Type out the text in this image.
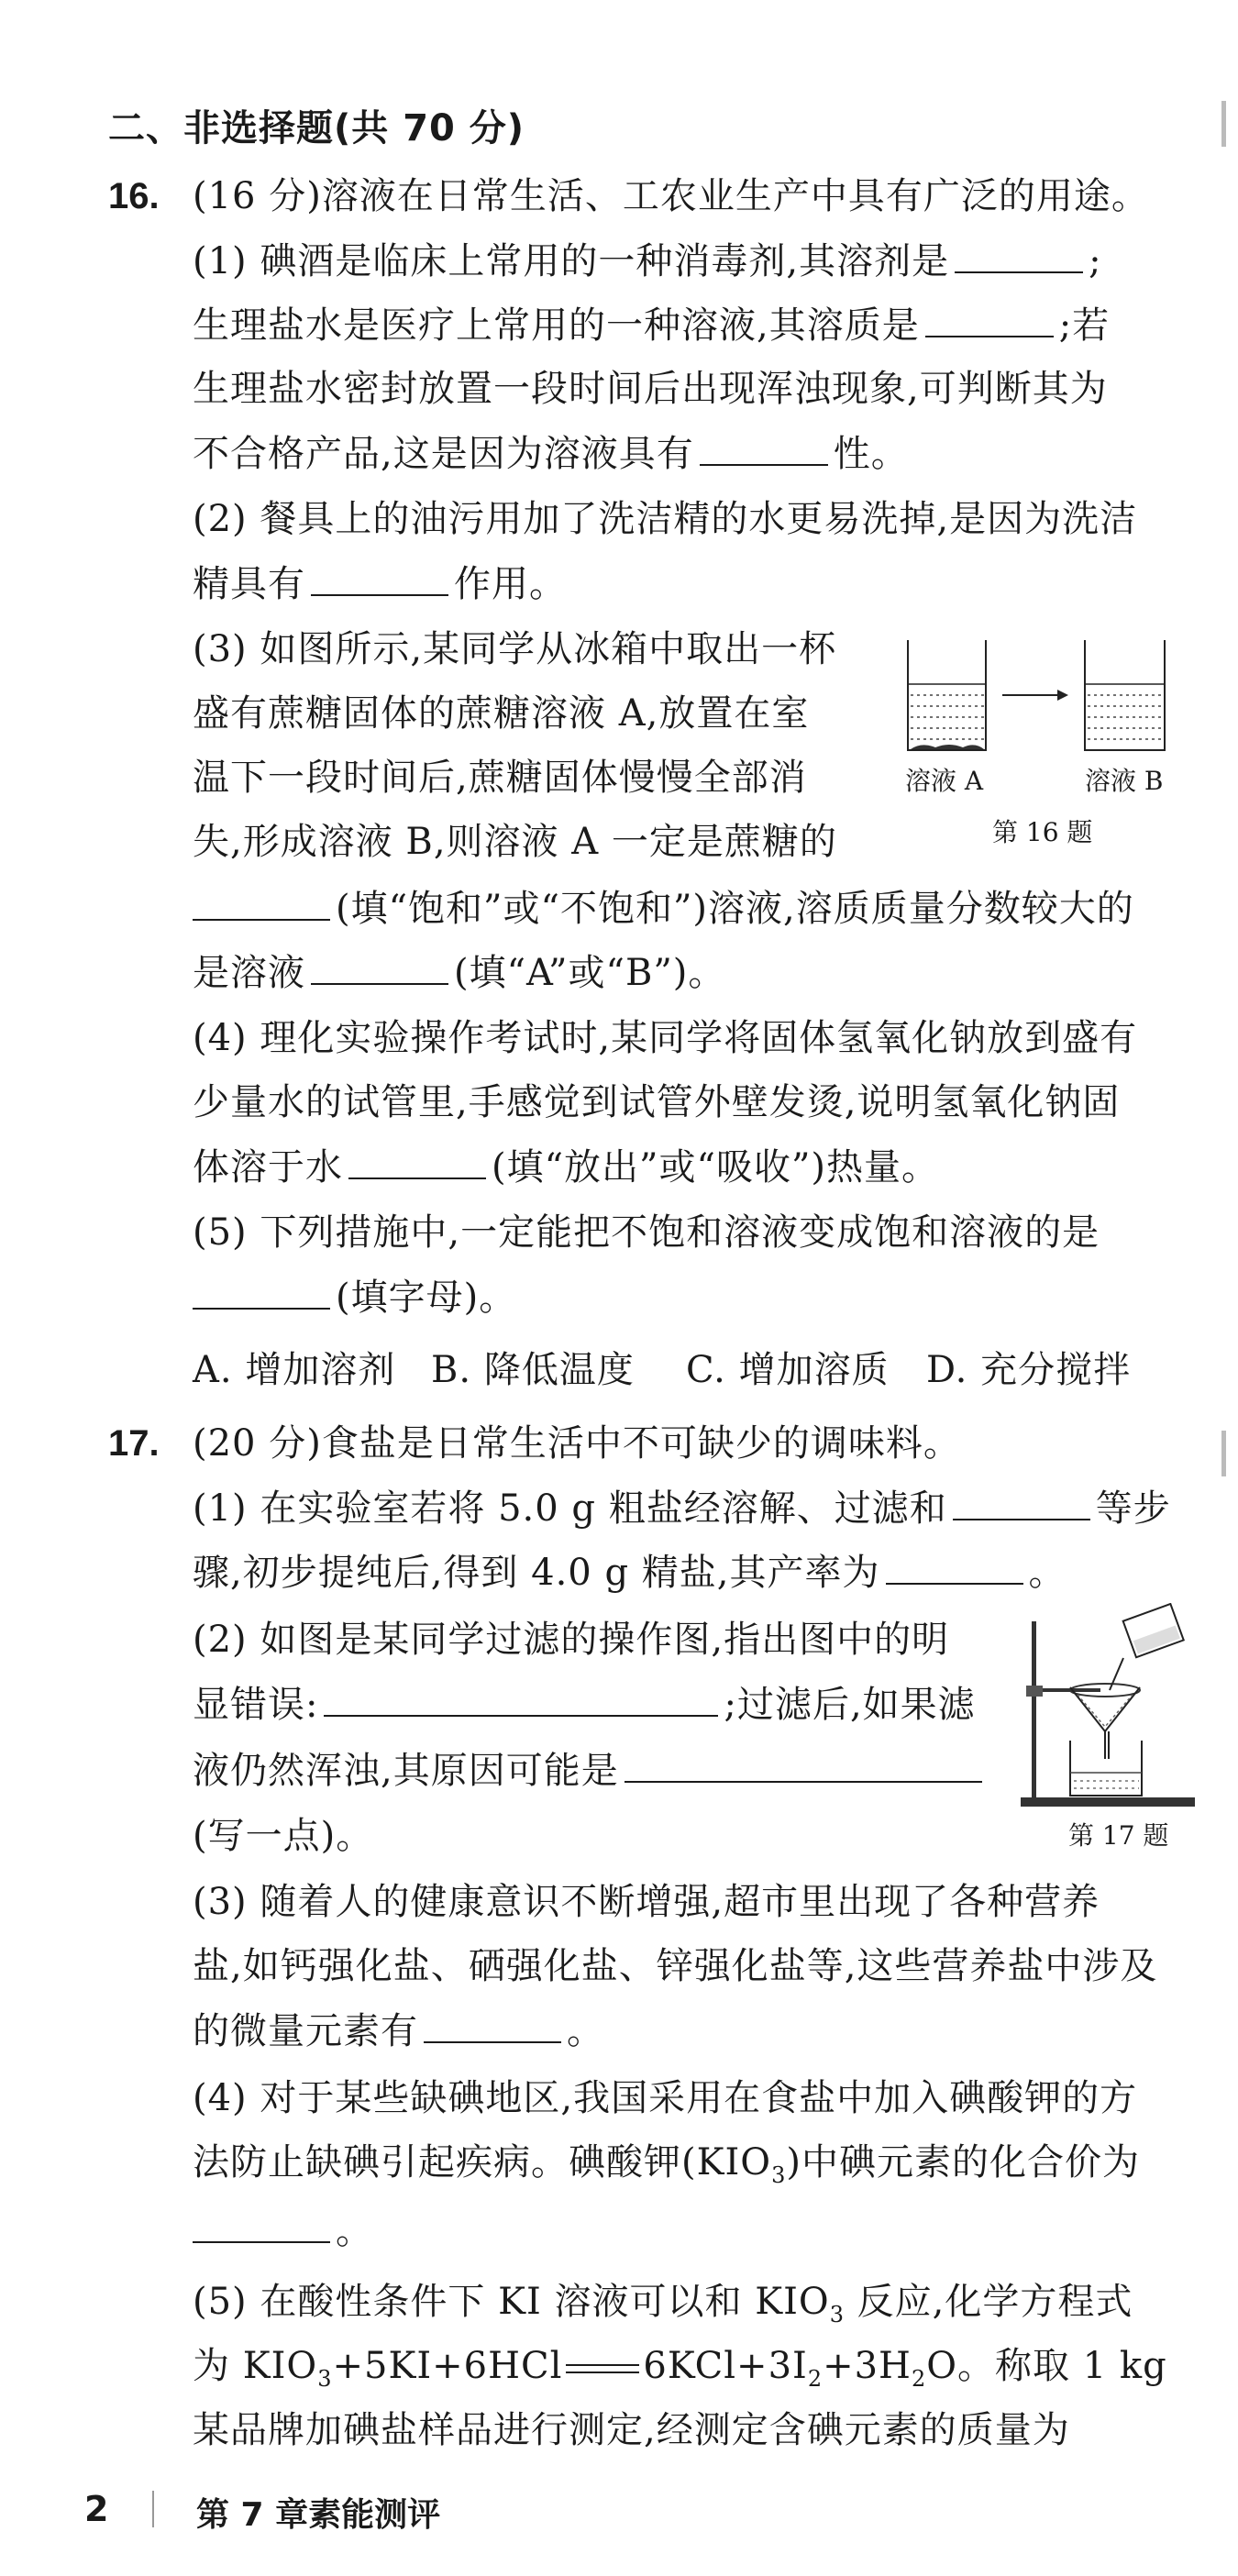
二、非选择题(共 70 分)
16. (16 分)溶液在日常生活、工农业生产中具有广泛的用途。
(1) 碘酒是临床上常用的一种消毒剂,其溶剂是	;
生理盐水是医疗上常用的一种溶液,其溶质是	;若
生理盐水密封放置一段时间后出现浑浊现象,可判断其为
不合格产品,这是因为溶液具有	性。
(2) 餐具上的油污用加了洗洁精的水更易洗掉,是因为洗洁
精具有	作用。
(3) 如图所示,某同学从冰箱中取出一杯
盛有蔗糖固体的蔗糖溶液 A,放置在室
温下一段时间后,蔗糖固体慢慢全部消
失,形成溶液 B,则溶液 A 一定是蔗糖的
溶液 A	溶液 B
第 16 题
(填“饱和”或“不饱和”)溶液,溶质质量分数较大的
是溶液	(填“A”或“B”)。
(4) 理化实验操作考试时,某同学将固体氢氧化钠放到盛有
少量水的试管里,手感觉到试管外壁发烫,说明氢氧化钠固
体溶于水	(填“放出”或“吸收”)热量。
(5) 下列措施中,一定能把不饱和溶液变成饱和溶液的是
(填字母)。
A. 增加溶剂 B. 降低温度 C. 增加溶质 D. 充分搅拌
17. (20 分)食盐是日常生活中不可缺少的调味料。
(1) 在实验室若将 5.0 g 粗盐经溶解、过滤和	等步
骤,初步提纯后,得到 4.0 g 精盐,其产率为	。
(2) 如图是某同学过滤的操作图,指出图中的明
显错误:	;过滤后,如果滤
液仍然浑浊,其原因可能是
(写一点)。	第 17 题
(3) 随着人的健康意识不断增强,超市里出现了各种营养
盐,如钙强化盐、硒强化盐、锌强化盐等,这些营养盐中涉及
的微量元素有	。
(4) 对于某些缺碘地区,我国采用在食盐中加入碘酸钾的方
法防止缺碘引起疾病。碘酸钾$(KIO_3)$中碘元素的化合价为
。
(5) 在酸性条件下 KI 溶液可以和 $KIO_3$ 反应,化学方程式
为 $KIO_3+5KI+6HCl$ $6KCl+3I_2+3H_2O$。称取 1 kg
某品牌加碘盐样品进行测定,经测定含碘元素的质量为
2	第 7 章素能测评
